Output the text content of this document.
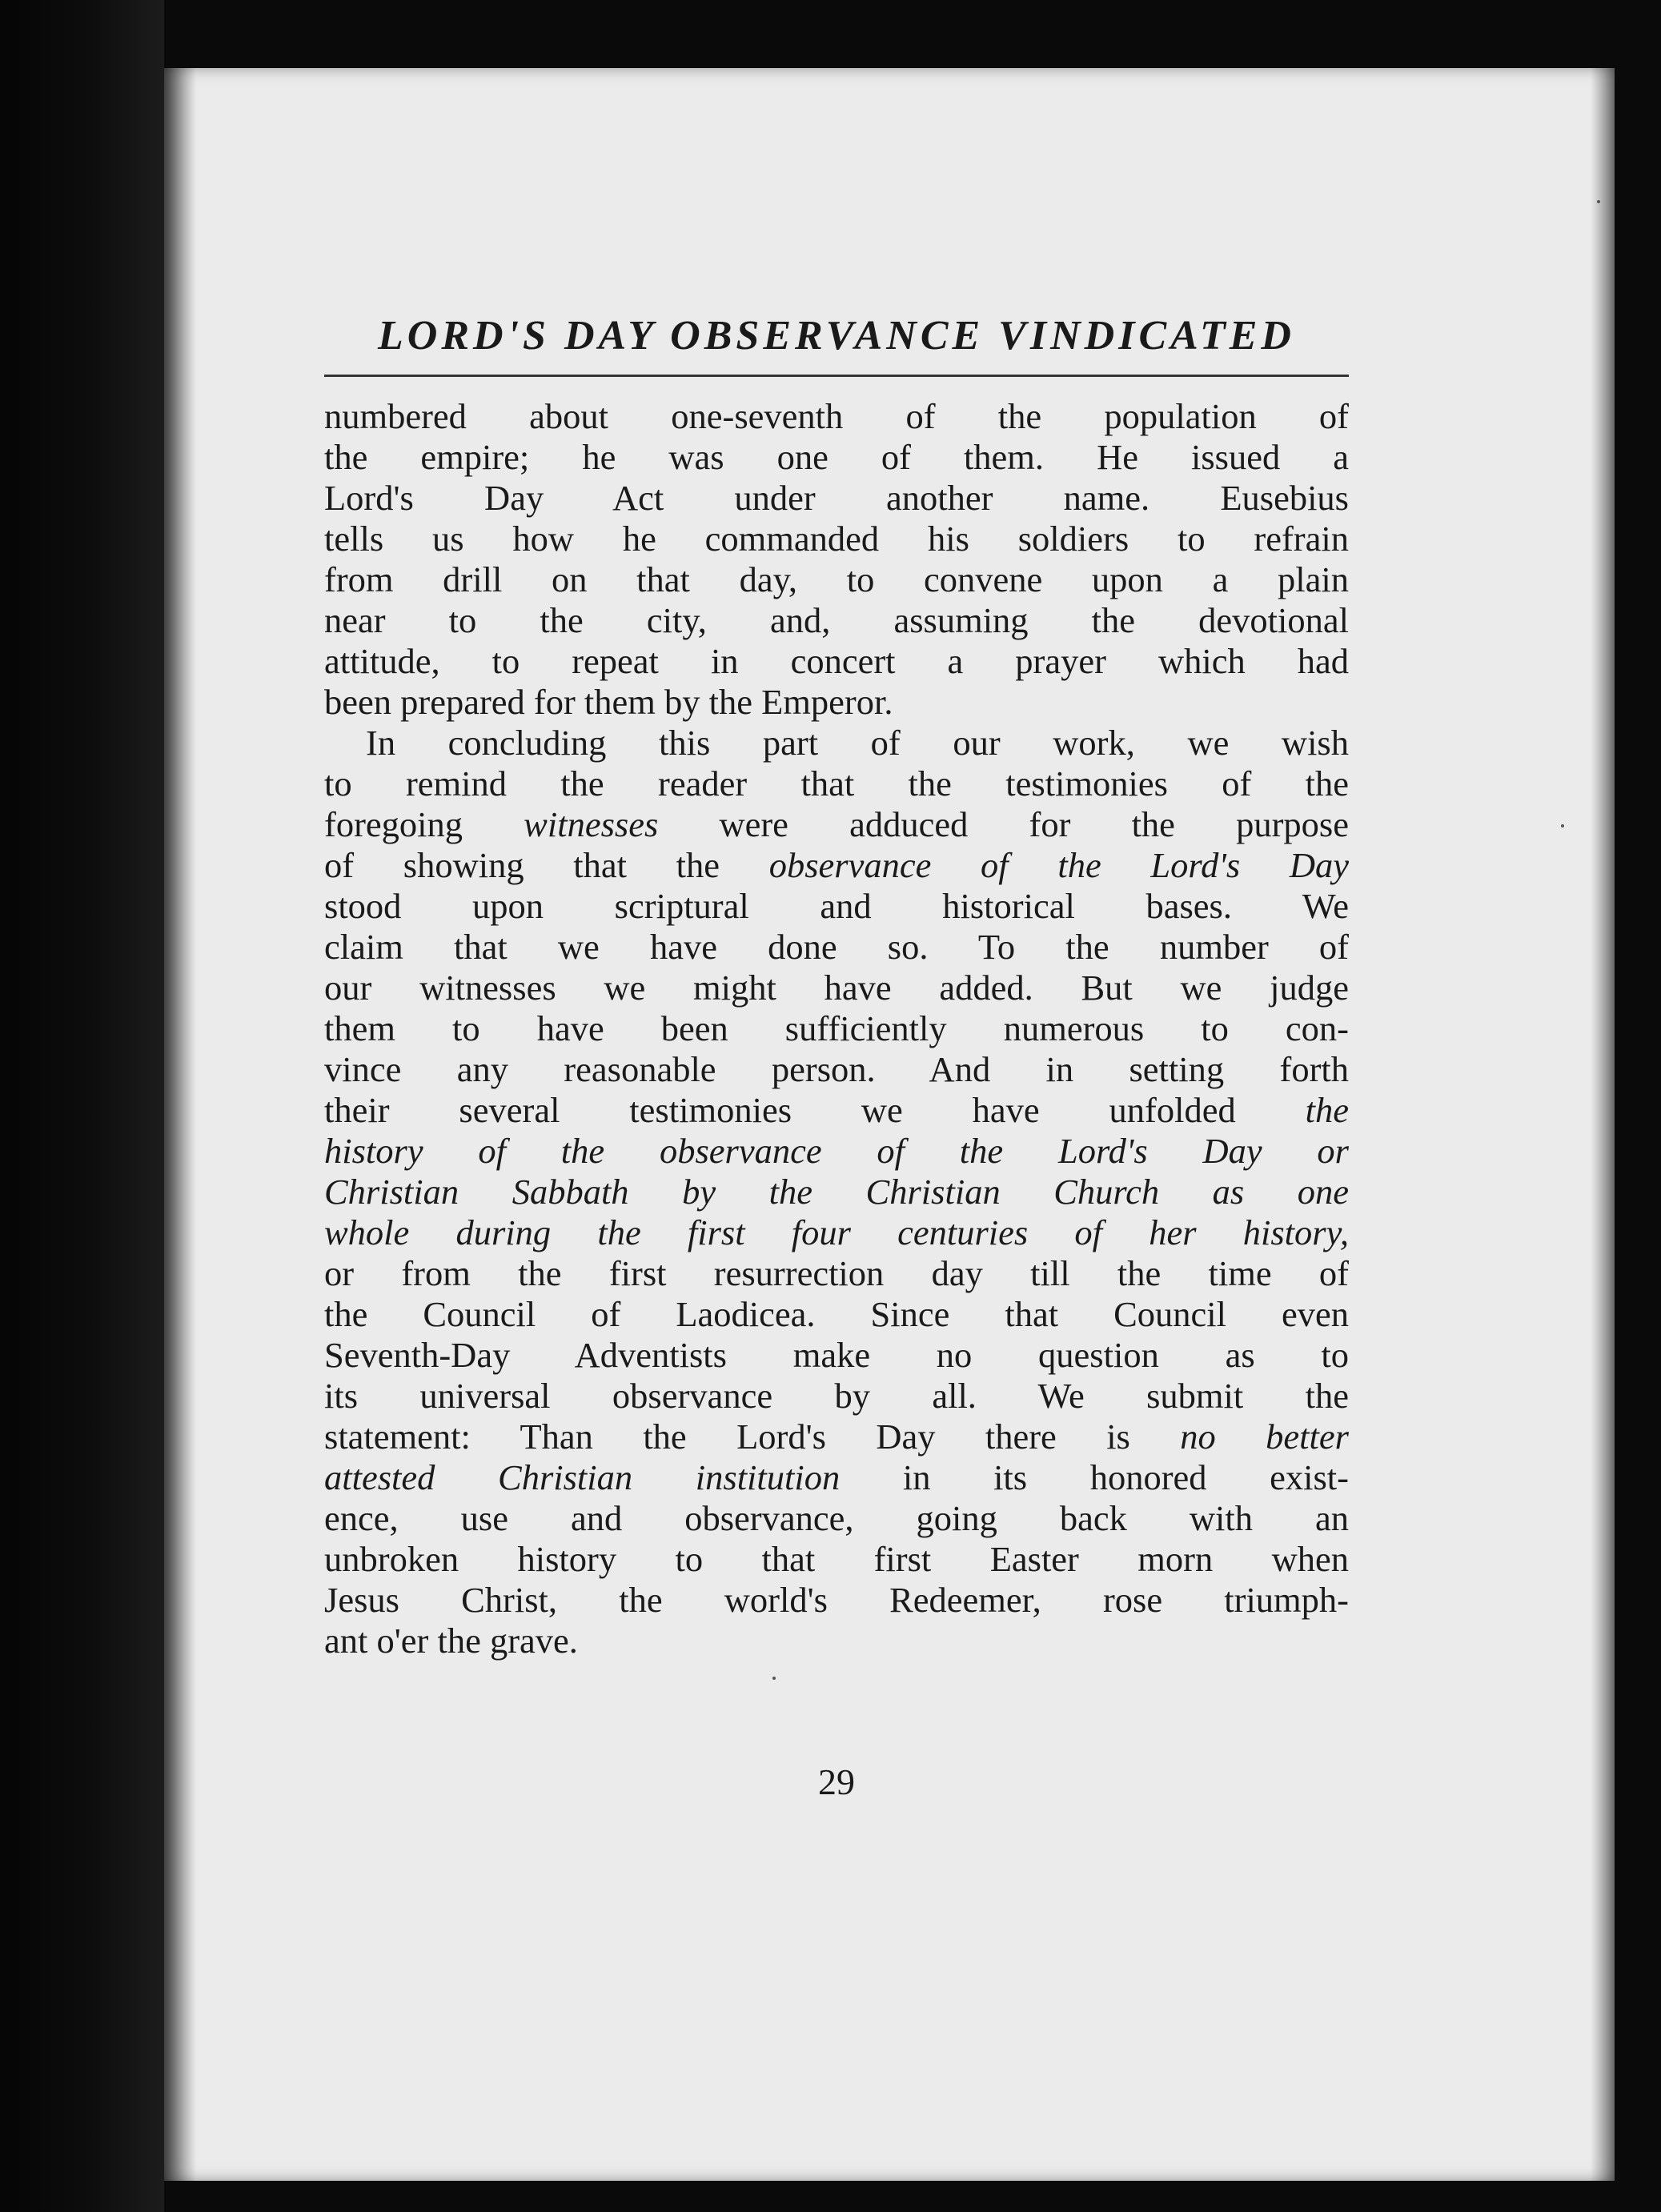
LORD'S DAY OBSERVANCE VINDICATED
numbered about one-seventh of the population of
the empire; he was one of them. He issued a
Lord's Day Act under another name. Eusebius
tells us how he commanded his soldiers to refrain
from drill on that day, to convene upon a plain
near to the city, and, assuming the devotional
attitude, to repeat in concert a prayer which had
been prepared for them by the Emperor.
In concluding this part of our work, we wish
to remind the reader that the testimonies of the
foregoing witnesses were adduced for the purpose
of showing that the observance of the Lord's Day
stood upon scriptural and historical bases. We
claim that we have done so. To the number of
our witnesses we might have added. But we judge
them to have been sufficiently numerous to con-
vince any reasonable person. And in setting forth
their several testimonies we have unfolded the
history of the observance of the Lord's Day or
Christian Sabbath by the Christian Church as one
whole during the first four centuries of her history,
or from the first resurrection day till the time of
the Council of Laodicea. Since that Council even
Seventh-Day Adventists make no question as to
its universal observance by all. We submit the
statement: Than the Lord's Day there is no better
attested Christian institution in its honored exist-
ence, use and observance, going back with an
unbroken history to that first Easter morn when
Jesus Christ, the world's Redeemer, rose triumph-
ant o'er the grave.
29
